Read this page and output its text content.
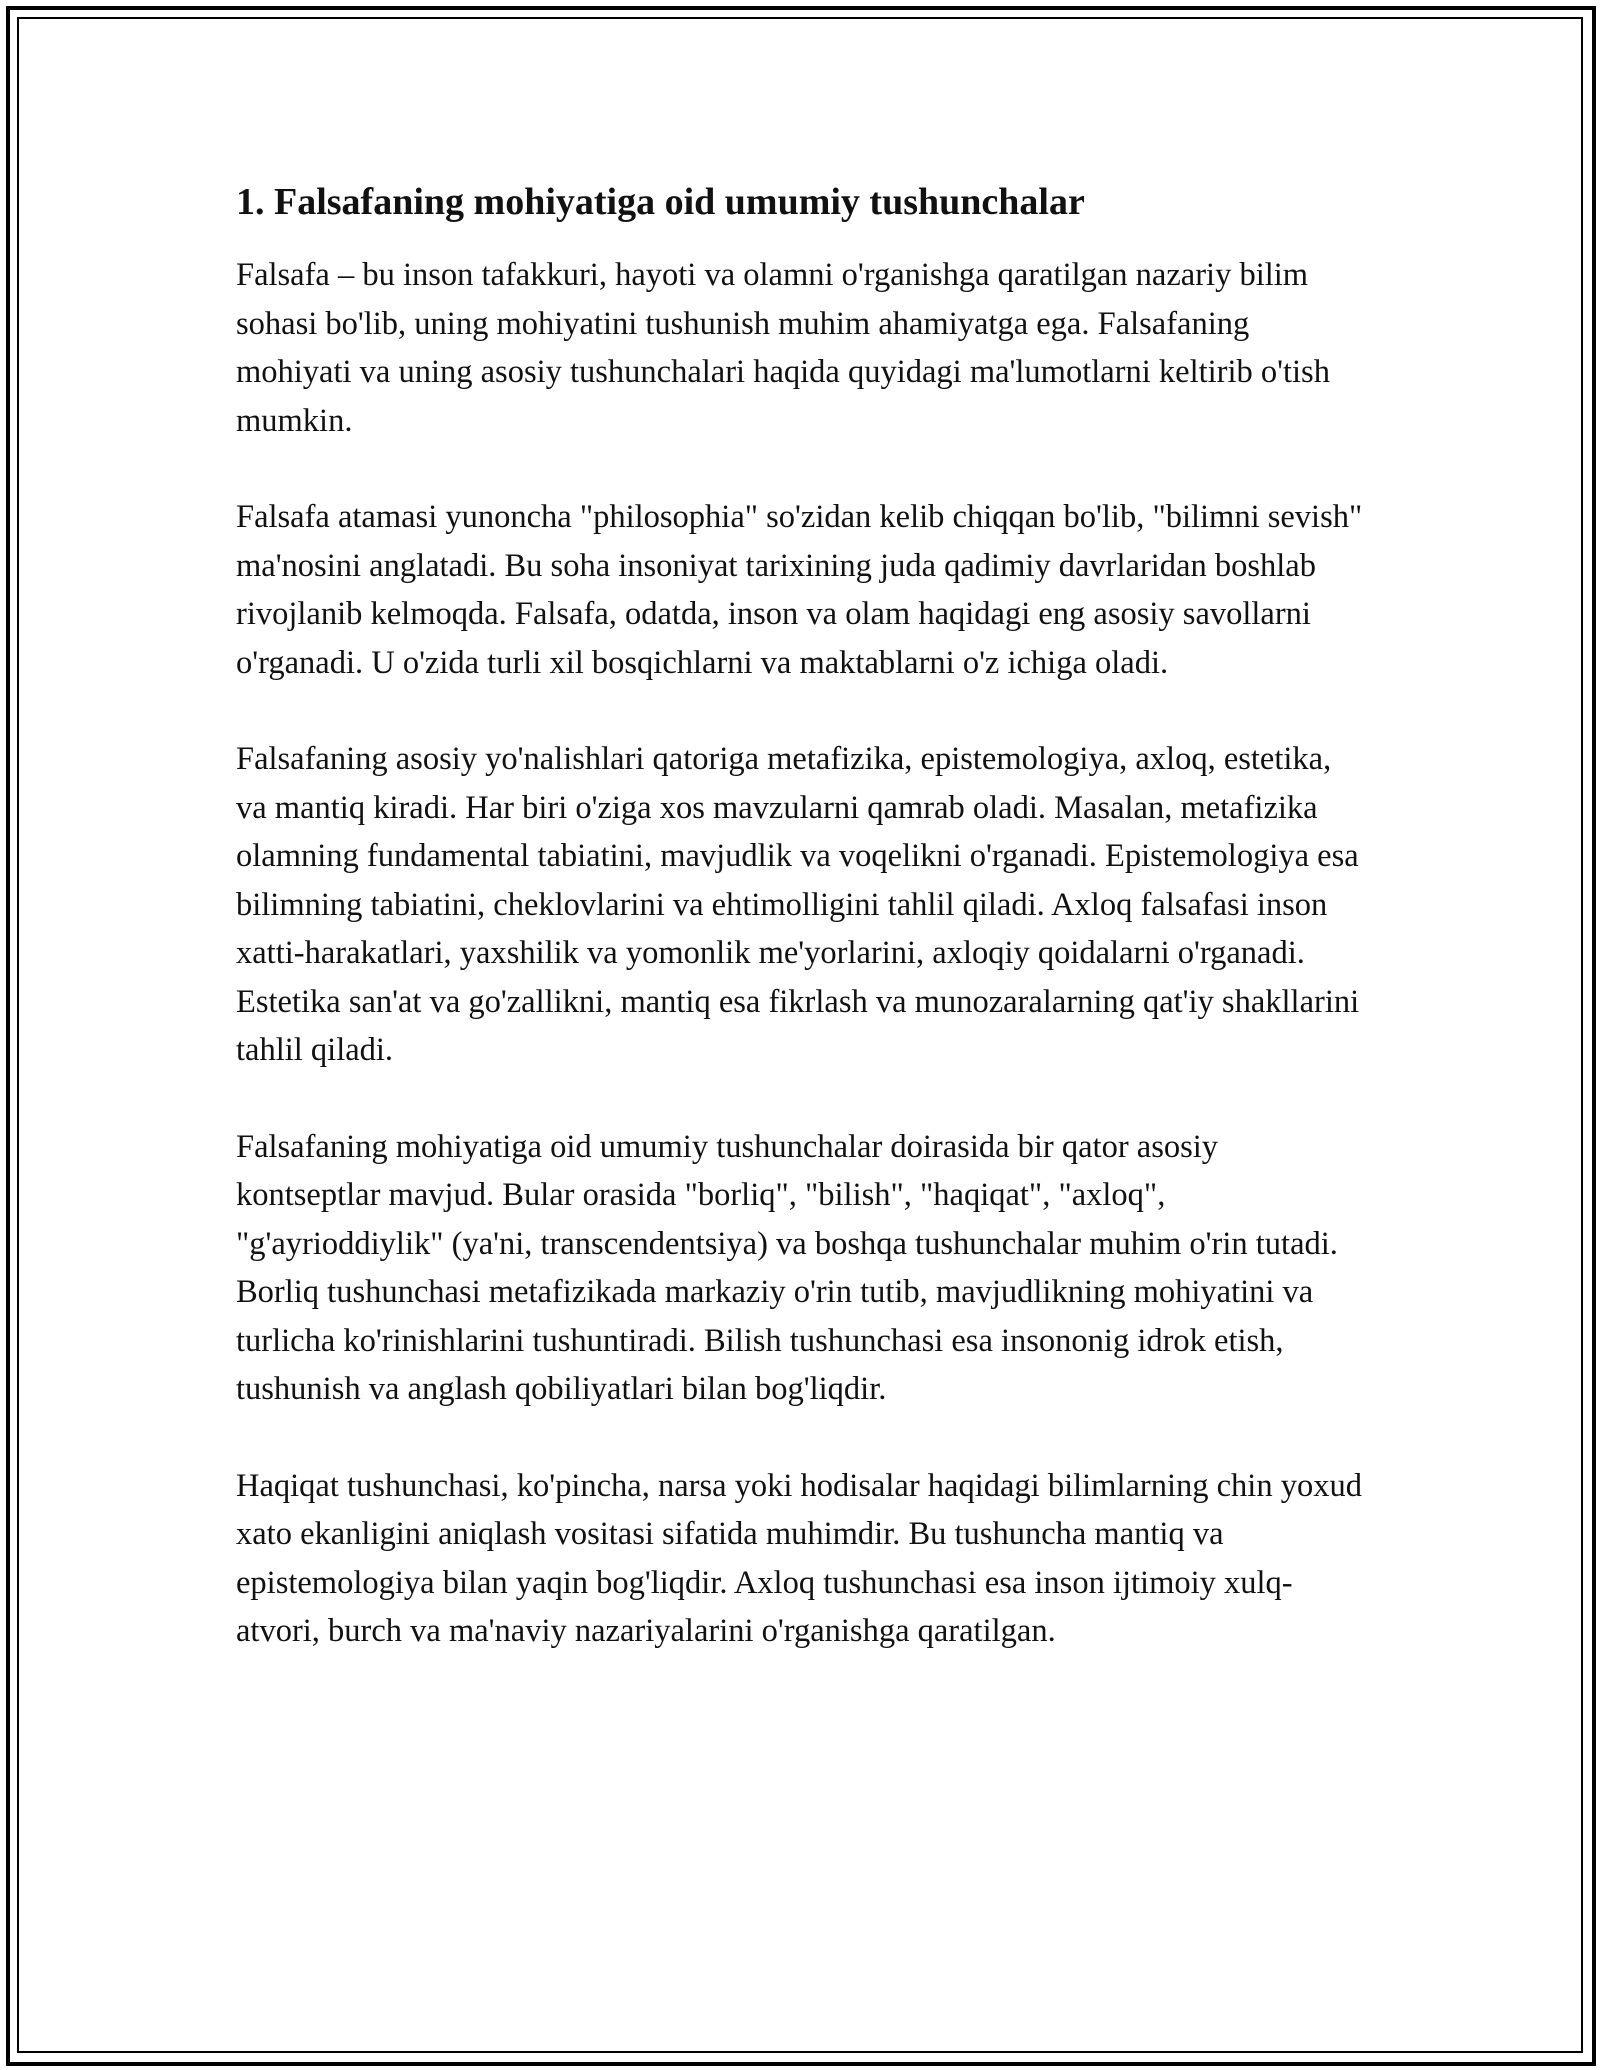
1. Falsafaning mohiyatiga oid umumiy tushunchalar

Falsafa – bu inson tafakkuri, hayoti va olamni o'rganishga qaratilgan nazariy bilim sohasi bo'lib, uning mohiyatini tushunish muhim ahamiyatga ega. Falsafaning mohiyati va uning asosiy tushunchalari haqida quyidagi ma'lumotlarni keltirib o'tish mumkin.

Falsafa atamasi yunoncha "philosophia" so'zidan kelib chiqqan bo'lib, "bilimni sevish" ma'nosini anglatadi. Bu soha insoniyat tarixining juda qadimiy davrlaridan boshlab rivojlanib kelmoqda. Falsafa, odatda, inson va olam haqidagi eng asosiy savollarni o'rganadi. U o'zida turli xil bosqichlarni va maktablarni o'z ichiga oladi.

Falsafaning asosiy yo'nalishlari qatoriga metafizika, epistemologiya, axloq, estetika, va mantiq kiradi. Har biri o'ziga xos mavzularni qamrab oladi. Masalan, metafizika olamning fundamental tabiatini, mavjudlik va voqelikni o'rganadi. Epistemologiya esa bilimning tabiatini, cheklovlarini va ehtimolligini tahlil qiladi. Axloq falsafasi inson xatti-harakatlari, yaxshilik va yomonlik me'yorlarini, axloqiy qoidalarni o'rganadi. Estetika san'at va go'zallikni, mantiq esa fikrlash va munozaralarning qat'iy shakllarini tahlil qiladi.

Falsafaning mohiyatiga oid umumiy tushunchalar doirasida bir qator asosiy kontseptlar mavjud. Bular orasida "borliq", "bilish", "haqiqat", "axloq", "g'ayrioddiylik" (ya'ni, transcendentsiya) va boshqa tushunchalar muhim o'rin tutadi. Borliq tushunchasi metafizikada markaziy o'rin tutib, mavjudlikning mohiyatini va turlicha ko'rinishlarini tushuntiradi. Bilish tushunchasi esa insononig idrok etish, tushunish va anglash qobiliyatlari bilan bog'liqdir.

Haqiqat tushunchasi, ko'pincha, narsa yoki hodisalar haqidagi bilimlarning chin yoxud xato ekanligini aniqlash vositasi sifatida muhimdir. Bu tushuncha mantiq va epistemologiya bilan yaqin bog'liqdir. Axloq tushunchasi esa inson ijtimoiy xulq-atvori, burch va ma'naviy nazariyalarini o'rganishga qaratilgan.
